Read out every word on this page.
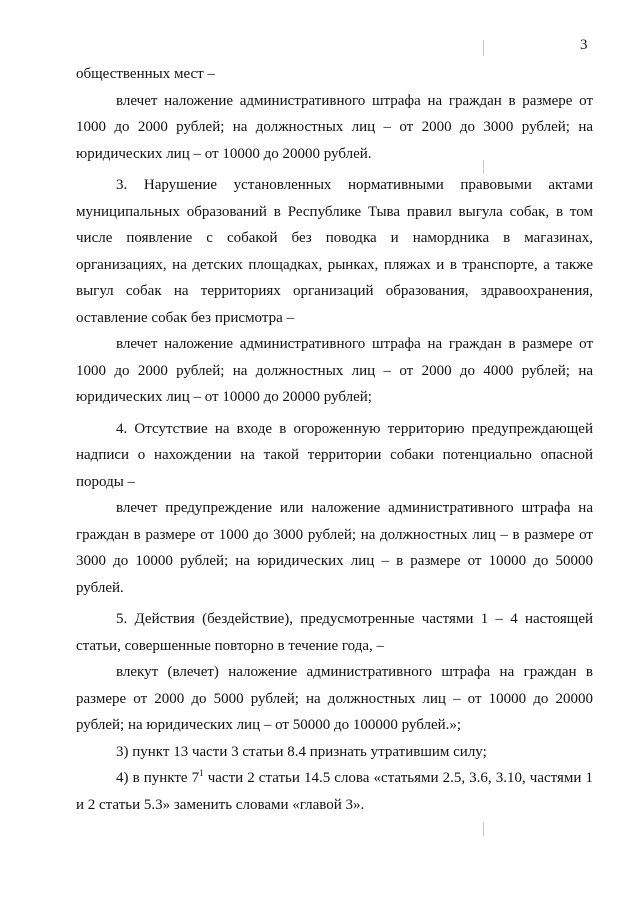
3

общественных мест –

влечет наложение административного штрафа на граждан в размере от 1000 до 2000 рублей; на должностных лиц – от 2000 до 3000 рублей; на юридических лиц – от 10000 до 20000 рублей.

3. Нарушение установленных нормативными правовыми актами муниципальных образований в Республике Тыва правил выгула собак, в том числе появление с собакой без поводка и намордника в магазинах, организациях, на детских площадках, рынках, пляжах и в транспорте, а также выгул собак на территориях организаций образования, здравоохранения, оставление собак без присмотра –

влечет наложение административного штрафа на граждан в размере от 1000 до 2000 рублей; на должностных лиц – от 2000 до 4000 рублей; на юридических лиц – от 10000 до 20000 рублей;

4. Отсутствие на входе в огороженную территорию предупреждающей надписи о нахождении на такой территории собаки потенциально опасной породы –

влечет предупреждение или наложение административного штрафа на граждан в размере от 1000 до 3000 рублей; на должностных лиц – в размере от 3000 до 10000 рублей; на юридических лиц – в размере от 10000 до 50000 рублей.

5. Действия (бездействие), предусмотренные частями 1 – 4 настоящей статьи, совершенные повторно в течение года, –

влекут (влечет) наложение административного штрафа на граждан в размере от 2000 до 5000 рублей; на должностных лиц – от 10000 до 20000 рублей; на юридических лиц – от 50000 до 100000 рублей.»;

3) пункт 13 части 3 статьи 8.4 признать утратившим силу;

4) в пункте $7^1$ части 2 статьи 14.5 слова «статьями 2.5, 3.6, 3.10, частями 1 и 2 статьи 5.3» заменить словами «главой 3».
